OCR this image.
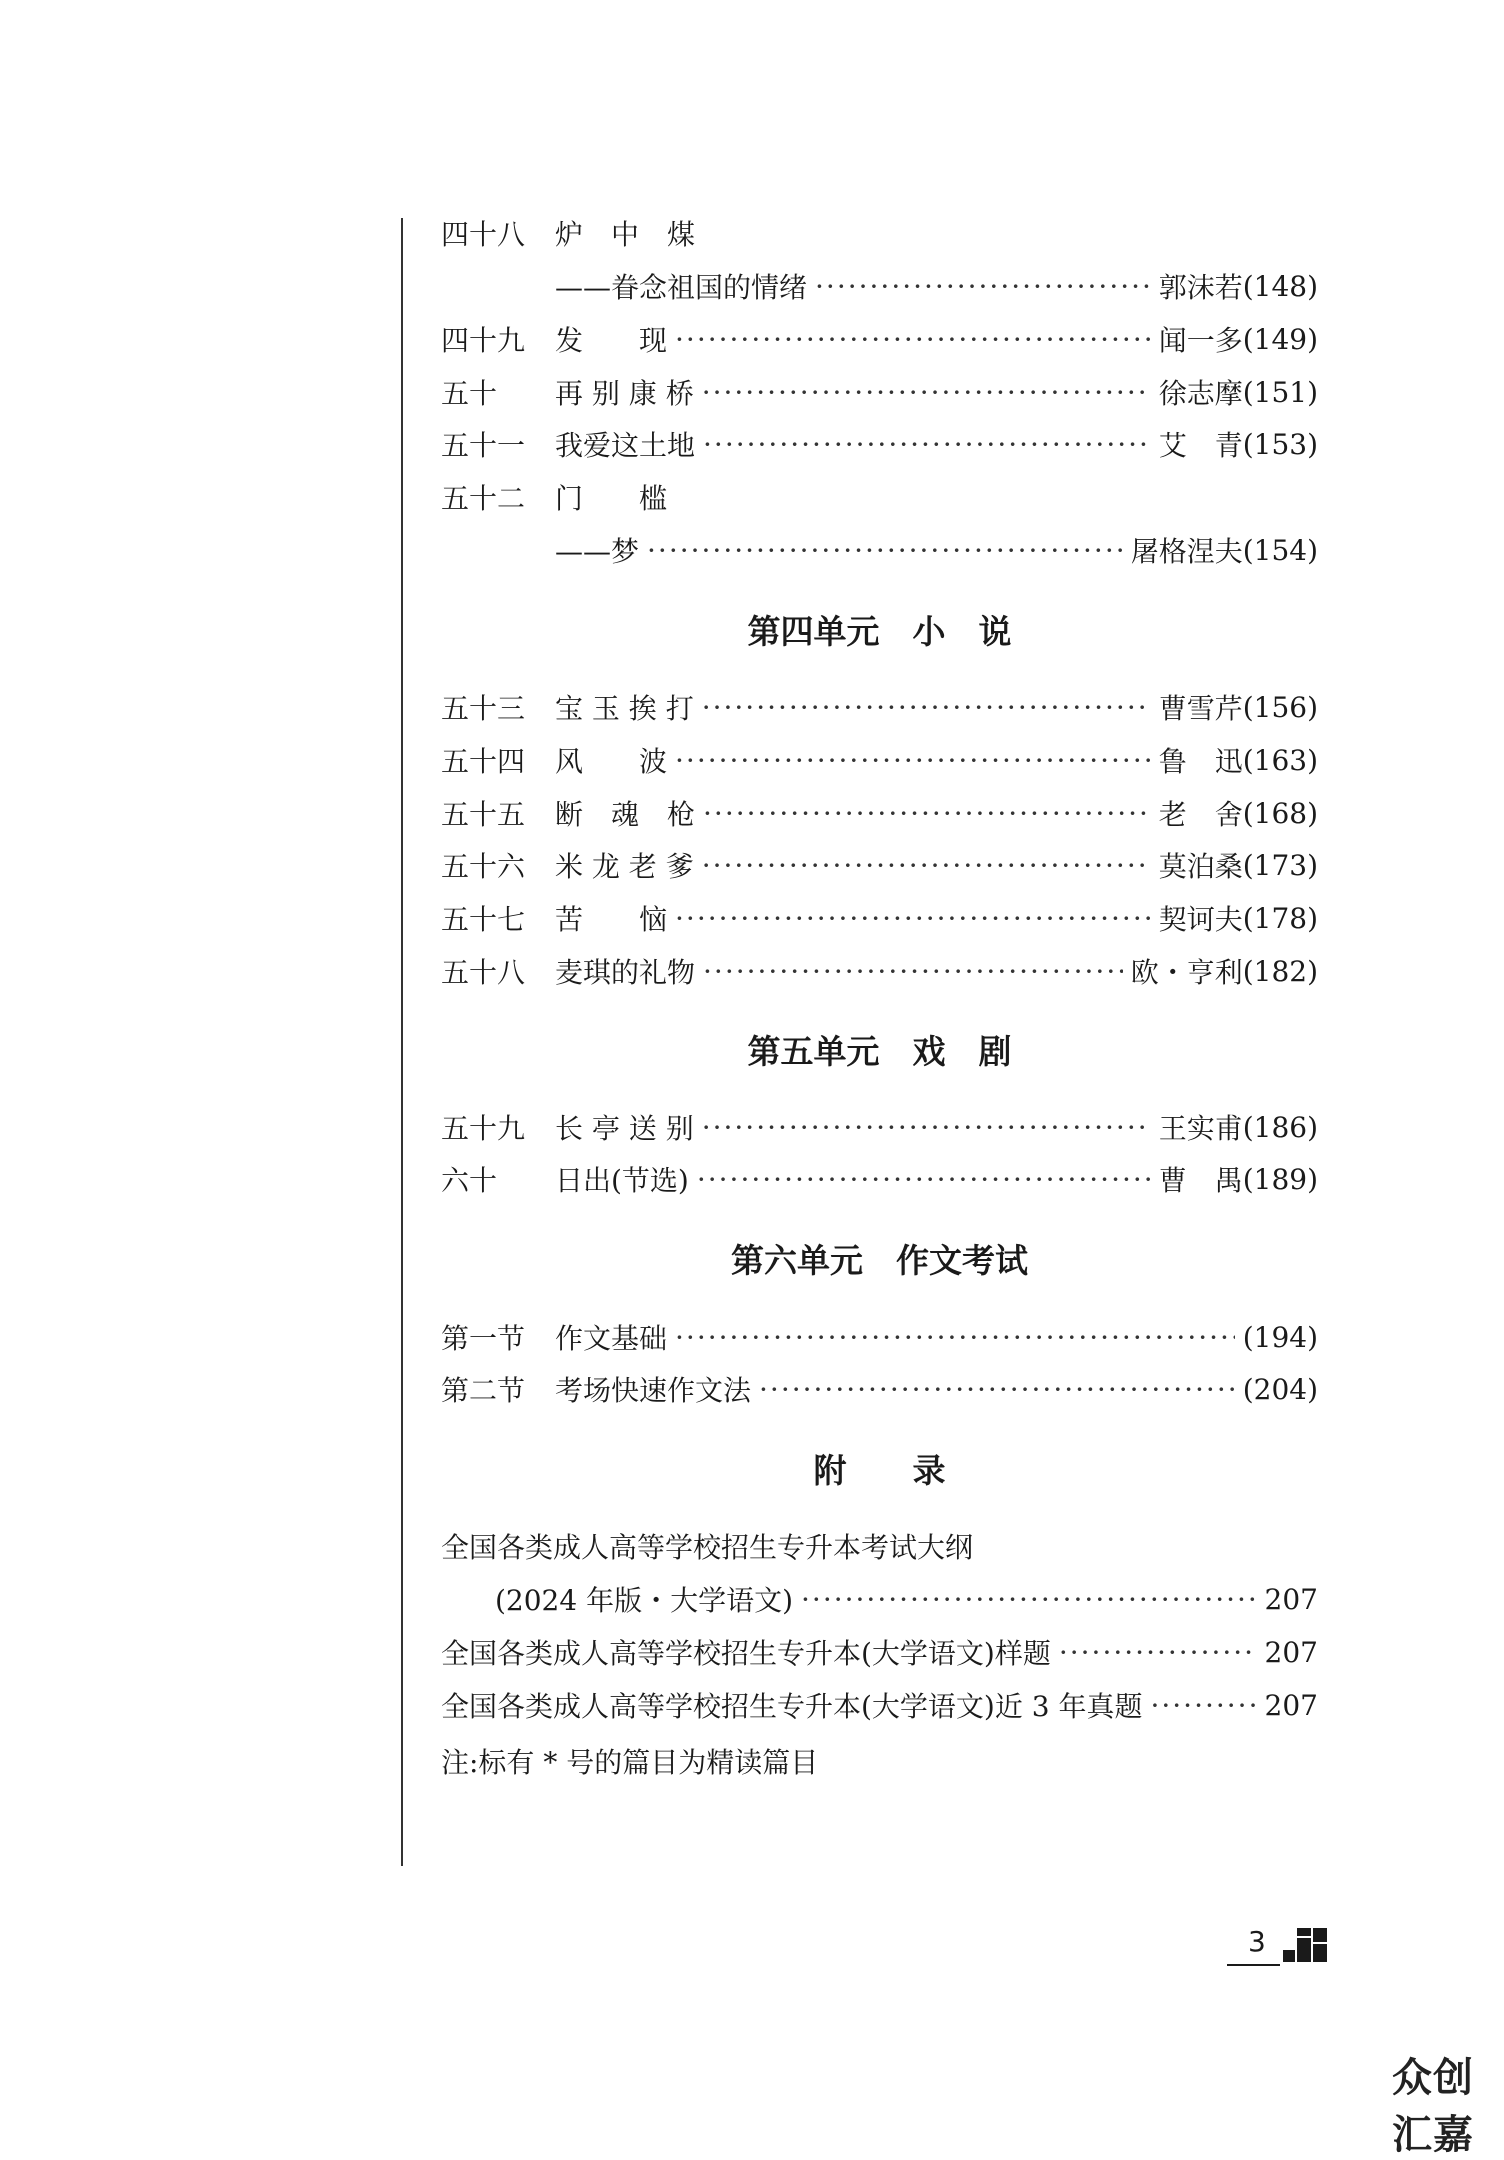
四十八	炉　中　煤
——眷念祖国的情绪 ·····	郭沫若 (148)
四十九	发　　现 ·····	闻一多 (149)
五十	再 别 康 桥 ·····	徐志摩 (151)
五十一	我爱这土地 ·····	艾　青 (153)
五十二	门　　槛
——梦 ·····	屠格涅夫 (154)
第四单元　小　说
五十三	宝 玉 挨 打 ·····	曹雪芹 (156)
五十四	风　　波 ·····	鲁　迅 (163)
五十五	断　魂　枪 ·····	老　舍 (168)
五十六	米 龙 老 爹 ·····	莫泊桑 (173)
五十七	苦　　恼 ·····	契诃夫 (178)
五十八	麦琪的礼物 ·····	欧・亨利 (182)
第五单元　戏　剧
五十九	长 亭 送 别 ·····	王实甫 (186)
六十	日出(节选) ·····	曹　禺 (189)
第六单元　作文考试
第一节	作文基础 ·····	(194)
第二节	考场快速作文法 ·····	(204)
附　　录
全国各类成人高等学校招生专升本考试大纲
(2024 年版・大学语文) ·····	207
全国各类成人高等学校招生专升本(大学语文)样题 ·····	207
全国各类成人高等学校招生专升本(大学语文)近 3 年真题 ·····	207
注:标有 * 号的篇目为精读篇目
3
众创汇嘉
